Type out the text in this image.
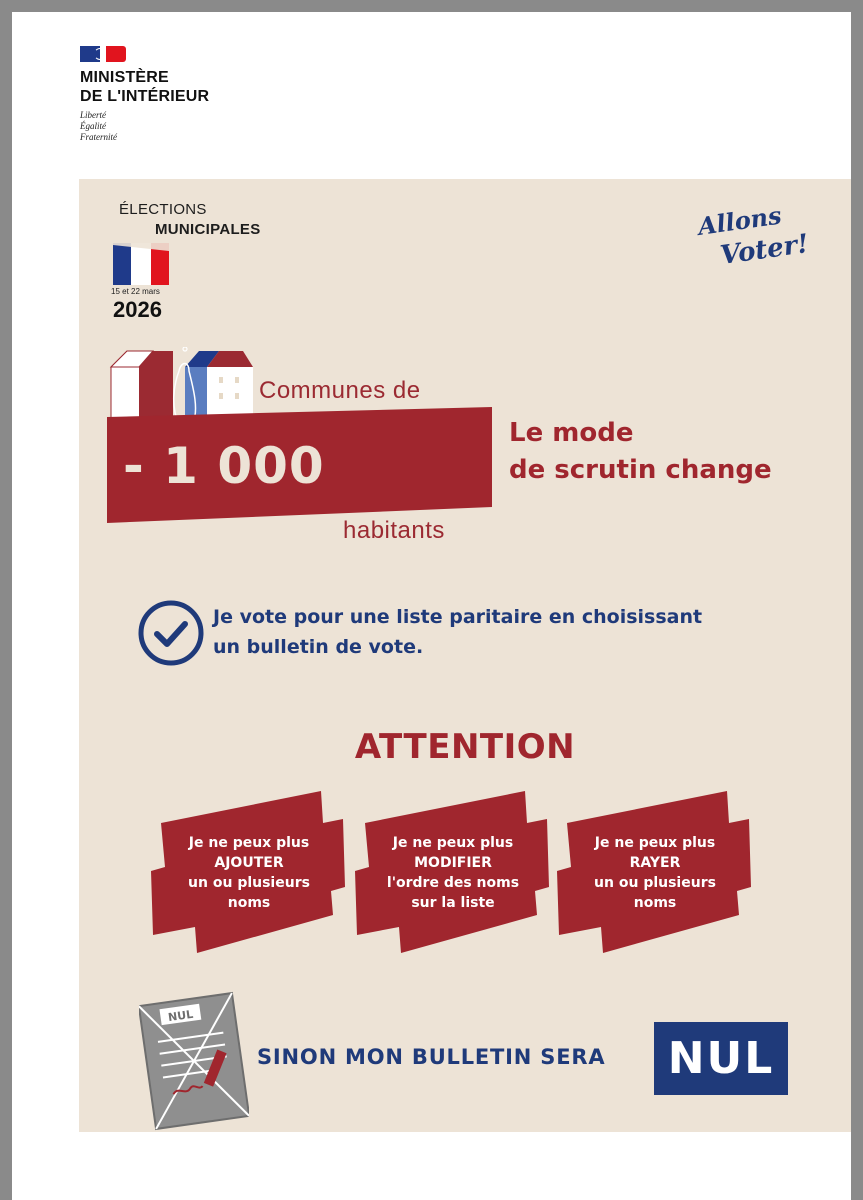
MINISTÈRE
DE L'INTÉRIEUR
Liberté
Égalité
Fraternité
ÉLECTIONS
MUNICIPALES
15 et 22 mars
2026
Allons
Voter!
Communes de
- 1 000
habitants
Le mode
de scrutin change
Je vote pour une liste paritaire en choisissant
un bulletin de vote.
ATTENTION
Je ne peux plus
AJOUTER
un ou plusieurs
noms
Je ne peux plus
MODIFIER
l'ordre des noms
sur la liste
Je ne peux plus
RAYER
un ou plusieurs
noms
NUL
SINON MON BULLETIN SERA	NUL
